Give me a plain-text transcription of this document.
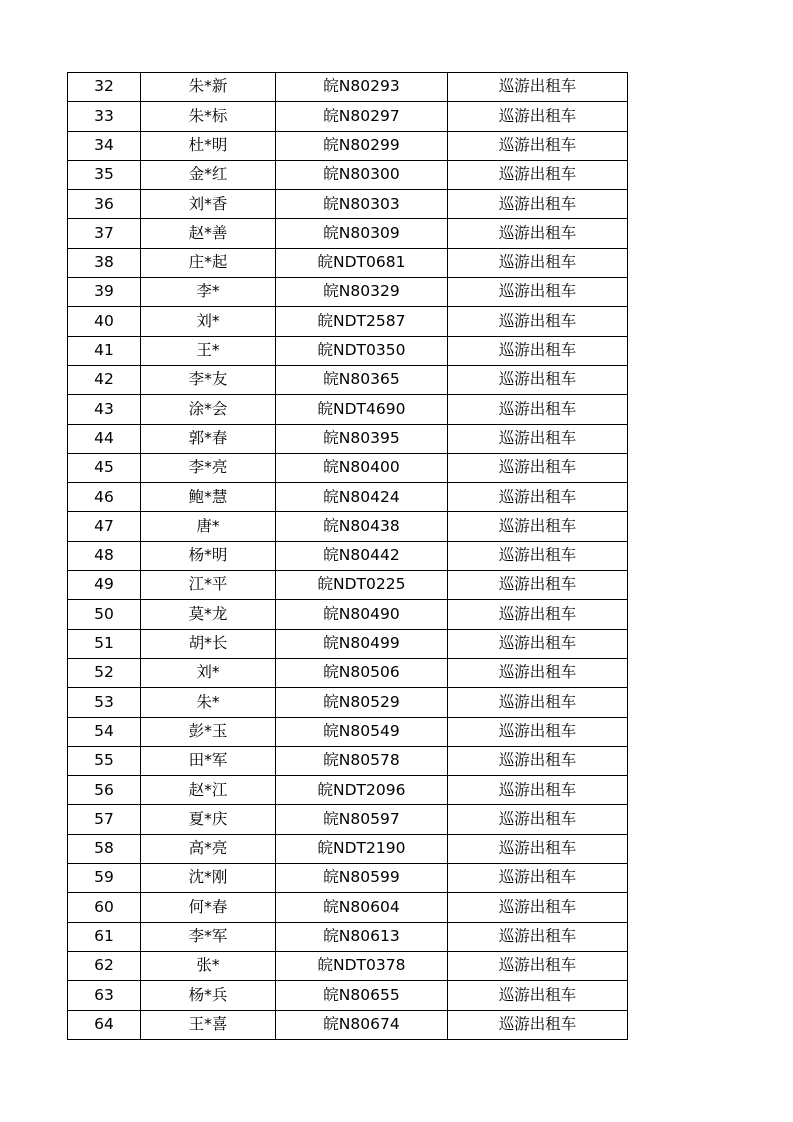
32	朱*新	皖N80293	巡游出租车
33	朱*标	皖N80297	巡游出租车
34	杜*明	皖N80299	巡游出租车
35	金*红	皖N80300	巡游出租车
36	刘*香	皖N80303	巡游出租车
37	赵*善	皖N80309	巡游出租车
38	庄*起	皖NDT0681	巡游出租车
39	李*	皖N80329	巡游出租车
40	刘*	皖NDT2587	巡游出租车
41	王*	皖NDT0350	巡游出租车
42	李*友	皖N80365	巡游出租车
43	涂*会	皖NDT4690	巡游出租车
44	郭*春	皖N80395	巡游出租车
45	李*亮	皖N80400	巡游出租车
46	鲍*慧	皖N80424	巡游出租车
47	唐*	皖N80438	巡游出租车
48	杨*明	皖N80442	巡游出租车
49	江*平	皖NDT0225	巡游出租车
50	莫*龙	皖N80490	巡游出租车
51	胡*长	皖N80499	巡游出租车
52	刘*	皖N80506	巡游出租车
53	朱*	皖N80529	巡游出租车
54	彭*玉	皖N80549	巡游出租车
55	田*军	皖N80578	巡游出租车
56	赵*江	皖NDT2096	巡游出租车
57	夏*庆	皖N80597	巡游出租车
58	高*亮	皖NDT2190	巡游出租车
59	沈*刚	皖N80599	巡游出租车
60	何*春	皖N80604	巡游出租车
61	李*军	皖N80613	巡游出租车
62	张*	皖NDT0378	巡游出租车
63	杨*兵	皖N80655	巡游出租车
64	王*喜	皖N80674	巡游出租车
